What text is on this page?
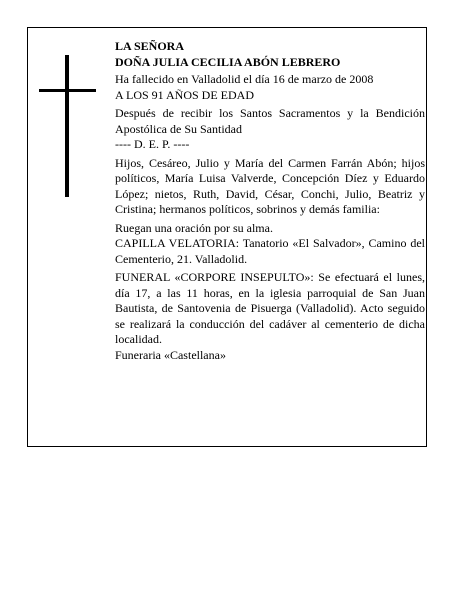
LA SEÑORA

DOÑA JULIA CECILIA ABÓN LEBRERO

Ha fallecido en Valladolid el día 16 de marzo de 2008

A LOS 91 AÑOS DE EDAD

Después de recibir los Santos Sacramentos y la Bendición Apostólica de Su Santidad

---- D. E. P. ----

Hijos, Cesáreo, Julio y María del Carmen Farrán Abón; hijos políticos, María Luisa Valverde, Concepción Díez y Eduardo López; nietos, Ruth, David, César, Conchi, Julio, Beatriz y Cristina; hermanos políticos, sobrinos y demás familia:

Ruegan una oración por su alma.

CAPILLA VELATORIA: Tanatorio «El Salvador», Camino del Cementerio, 21. Valladolid.

FUNERAL «CORPORE INSEPULTO»: Se efectuará el lunes, día 17, a las 11 horas, en la iglesia parroquial de San Juan Bautista, de Santovenia de Pisuerga (Valladolid). Acto seguido se realizará la conducción del cadáver al cementerio de dicha localidad.

Funeraria «Castellana»
